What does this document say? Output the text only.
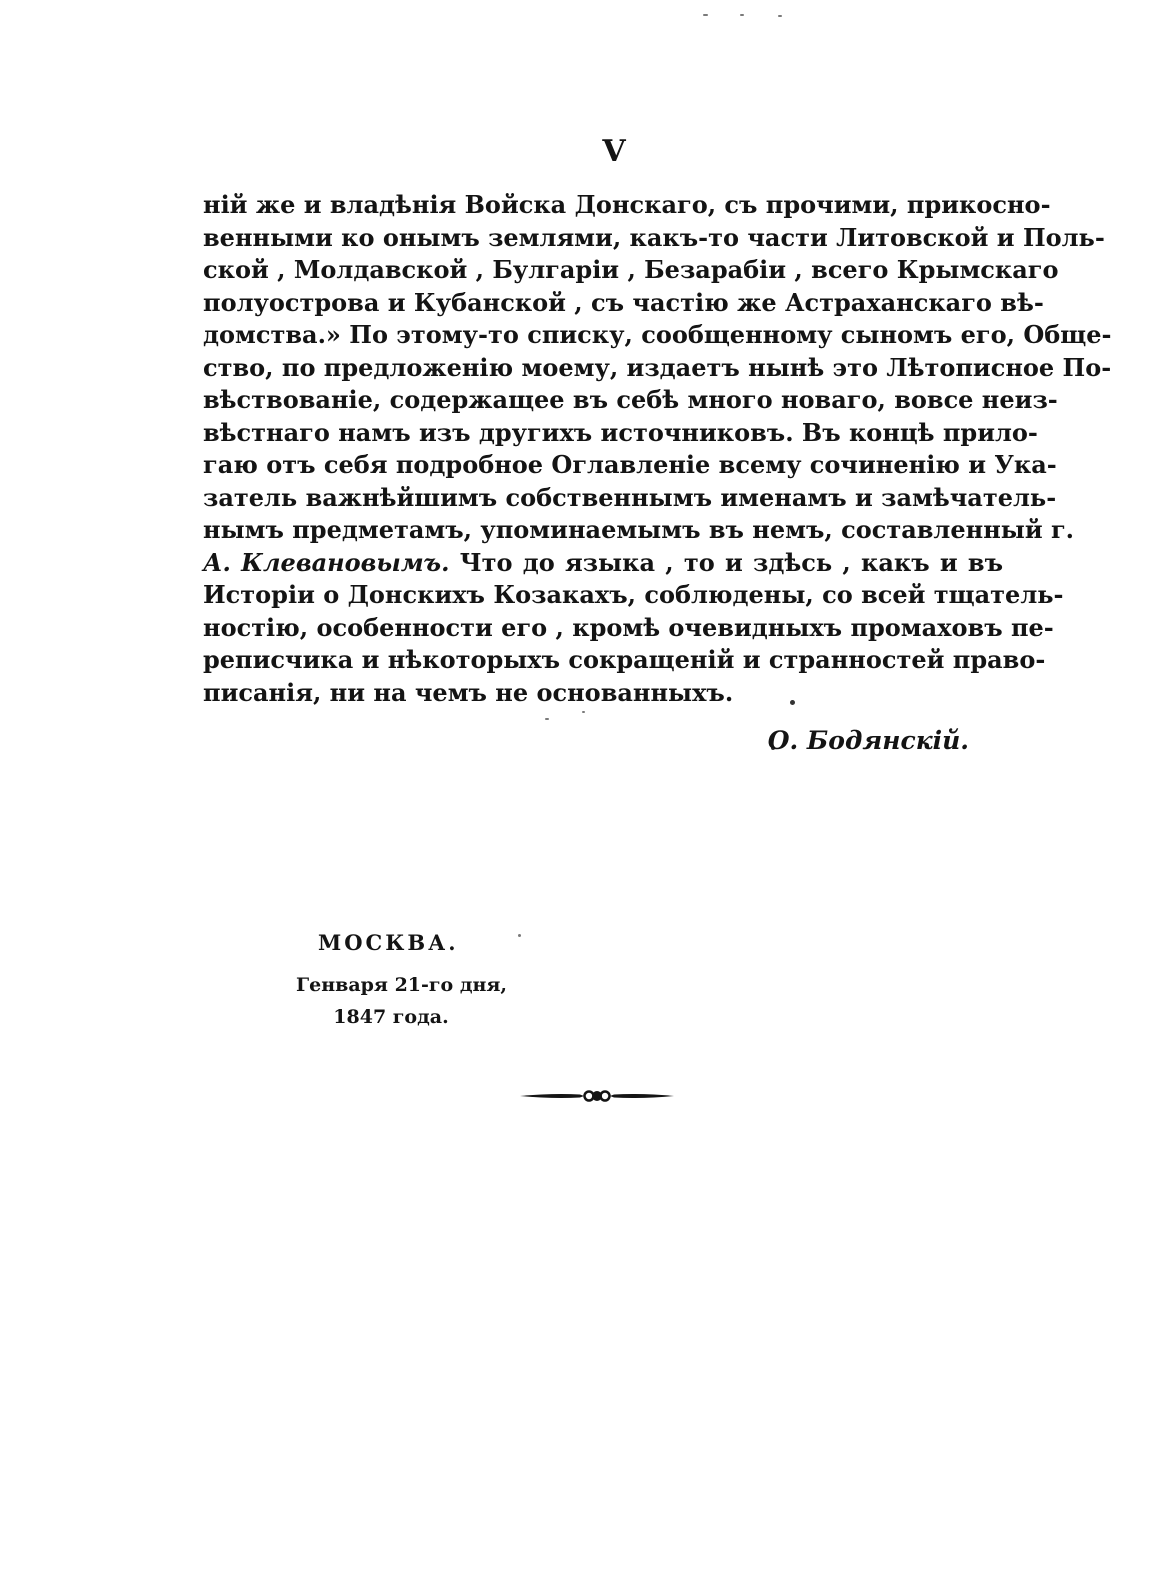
V
ній же и владѣнія Войска Донскаго, съ прочими, прикосно-
венными ко онымъ землями, какъ-то части Литовской и Поль-
ской , Молдавской , Булгаріи , Безарабіи , всего Крымскаго
полуострова и Кубанской , съ частію же Астраханскаго вѣ-
домства.» По этому-то списку, сообщенному сыномъ его, Обще-
ство, по предложенію моему, издаетъ нынѣ это Лѣтописное По-
вѣствованіе, содержащее въ себѣ много новаго, вовсе неиз-
вѣстнаго намъ изъ другихъ источниковъ. Въ концѣ прило-
гаю отъ себя подробное Оглавленіе всему сочиненію и Ука-
затель важнѣйшимъ собственнымъ именамъ и замѣчатель-
нымъ предметамъ, упоминаемымъ въ немъ, составленный г.
А. Клевановымъ. Что до языка , то и здѣсь , какъ и въ
Исторіи о Донскихъ Козакахъ, соблюдены, со всей тщатель-
ностію, особенности его , кромѣ очевидныхъ промаховъ пе-
реписчика и нѣкоторыхъ сокращеній и странностей право-
писанія, ни на чемъ не основанныхъ.
О. Бодянскій.
МОСКВА.
Генваря 21-го дня,
1847 года.
